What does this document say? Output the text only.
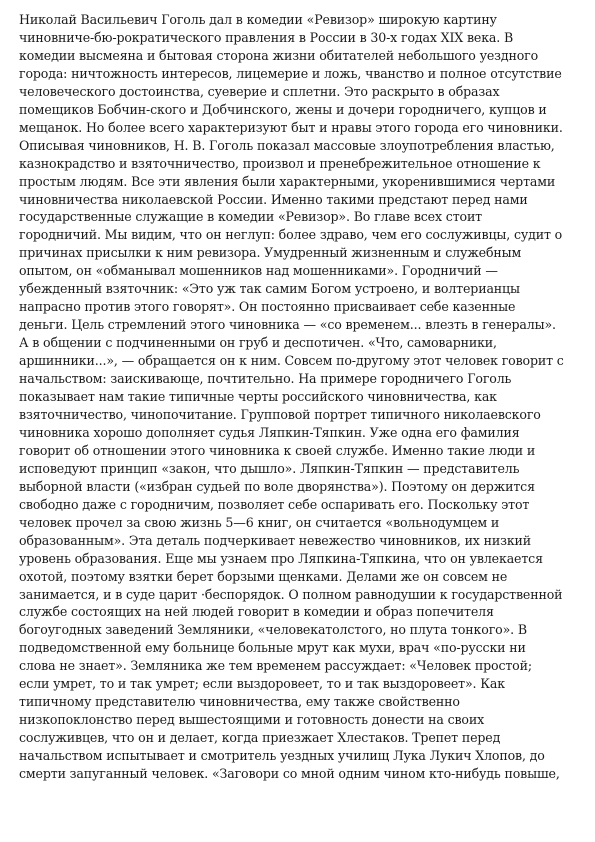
Николай Васильевич Гоголь дал в комедии «Ревизор» широкую картину
чиновниче-бю-рократического правления в России в 30-х годах XIX века. В
комедии высмеяна и бытовая сторона жизни обитателей небольшого уездного
города: ничтожность интересов, лицемерие и ложь, чванство и полное отсутствие
человеческого достоинства, суеверие и сплетни. Это раскрыто в образах
помещиков Бобчин-ского и Добчинского, жены и дочери городничего, купцов и
мещанок. Но более всего характеризуют быт и нравы этого города его чиновники.
Описывая чиновников, Н. В. Гоголь показал массовые злоупотребления властью,
казнокрадство и взяточничество, произвол и пренебрежительное отношение к
простым людям. Все эти явления были характерными, укоренившимися чертами
чиновничества николаевской России. Именно такими предстают перед нами
государственные служащие в комедии «Ревизор». Во главе всех стоит
городничий. Мы видим, что он неглуп: более здраво, чем его сослуживцы, судит о
причинах присылки к ним ревизора. Умудренный жизненным и служебным
опытом, он «обманывал мошенников над мошенниками». Городничий —
убежденный взяточник: «Это уж так самим Богом устроено, и волтерианцы
напрасно против этого говорят». Он постоянно присваивает себе казенные
деньги. Цель стремлений этого чиновника — «со временем... влезть в генералы».
А в общении с подчиненными он груб и деспотичен. «Что, самоварники,
аршинники...», — обращается он к ним. Совсем по-другому этот человек говорит с
начальством: заискивающе, почтительно. На примере городничего Гоголь
показывает нам такие типичные черты российского чиновничества, как
взяточничество, чинопочитание. Групповой портрет типичного николаевского
чиновника хорошо дополняет судья Ляпкин-Тяпкин. Уже одна его фамилия
говорит об отношении этого чиновника к своей службе. Именно такие люди и
исповедуют принцип «закон, что дышло». Ляпкин-Тяпкин — представитель
выборной власти («избран судьей по воле дворянства»). Поэтому он держится
свободно даже с городничим, позволяет себе оспаривать его. Поскольку этот
человек прочел за свою жизнь 5—6 книг, он считается «вольнодумцем и
образованным». Эта деталь подчеркивает невежество чиновников, их низкий
уровень образования. Еще мы узнаем про Ляпкина-Тяпкина, что он увлекается
охотой, поэтому взятки берет борзыми щенками. Делами же он совсем не
занимается, и в суде царит ·беспорядок. О полном равнодушии к государственной
службе состоящих на ней людей говорит в комедии и образ попечителя
богоугодных заведений Земляники, «человекатолстого, но плута тонкого». В
подведомственной ему больнице больные мрут как мухи, врач «по-русски ни
слова не знает». Земляника же тем временем рассуждает: «Человек простой;
если умрет, то и так умрет; если выздоровеет, то и так выздоровеет». Как
типичному представителю чиновничества, ему также свойственно
низкопоклонство перед вышестоящими и готовность донести на своих
сослуживцев, что он и делает, когда приезжает Хлестаков. Трепет перед
начальством испытывает и смотритель уездных училищ Лука Лукич Хлопов, до
смерти запуганный человек. «Заговори со мной одним чином кто-нибудь повыше,
